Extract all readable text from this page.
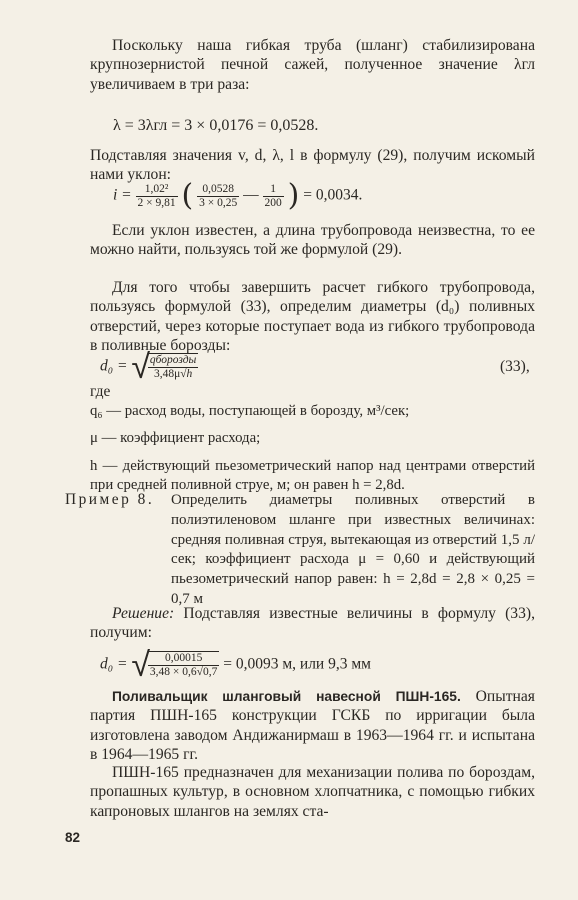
Поскольку наша гибкая труба (шланг) стабилизирована крупнозернистой печной сажей, полученное значение λгл увеличиваем в три раза:

λ = 3λгл = 3 × 0,0176 = 0,0528.

Подставляя значения v, d, λ, l в формулу (29), получим искомый нами уклон:

$i = \frac{\text{1,02²}}{2 \times 9,81}$ ( $\frac{0,0528}{3 \times 0,25}$ — $\frac{1}{200}$ ) = 0,0034.

Если уклон известен, а длина трубопровода неизвестна, то ее можно найти, пользуясь той же формулой (29).

Для того чтобы завершить расчет гибкого трубопровода, пользуясь формулой (33), определим диаметры (d₀) поливных отверстий, через которые поступает вода из гибкого трубопровода в поливные борозды:

d₀ = √
$\frac{\text{qборозды}}{3,48\mu√h}$	(33),
где
q₆ — расход воды, поступающей в борозду, м³/сек;
μ — коэффициент расхода;
h — действующий пьезометрический напор над центрами отверстий при средней поливной струе, м; он равен h = 2,8d.
Пример 8. Определить диаметры поливных отверстий в полиэтиленовом шланге при известных величинах: средняя поливная струя, вытекающая из отверстий 1,5 л/сек; коэффициент расхода μ = 0,60 и действующий пьезометрический напор равен: h = 2,8d = 2,8 × 0,25 = 0,7 м

Решение: Подставляя известные величины в формулу (33), получим:

d₀ = √
$\frac{0,00015}{3,48 \times 0,6√0,7} = 0,0093$ м, или 9,3 мм

Поливальщик шланговый навесной ПШН-165. Опытная партия ПШН-165 конструкции ГСКБ по ирригации была изготовлена заводом Андижанирмаш в 1963—1964 гг. и испытана в 1964—1965 гг.

ПШН-165 предназначен для механизации полива по бороздам, пропашных культур, в основном хлопчатника, с помощью гибких капроновых шлангов на землях ста-

82
